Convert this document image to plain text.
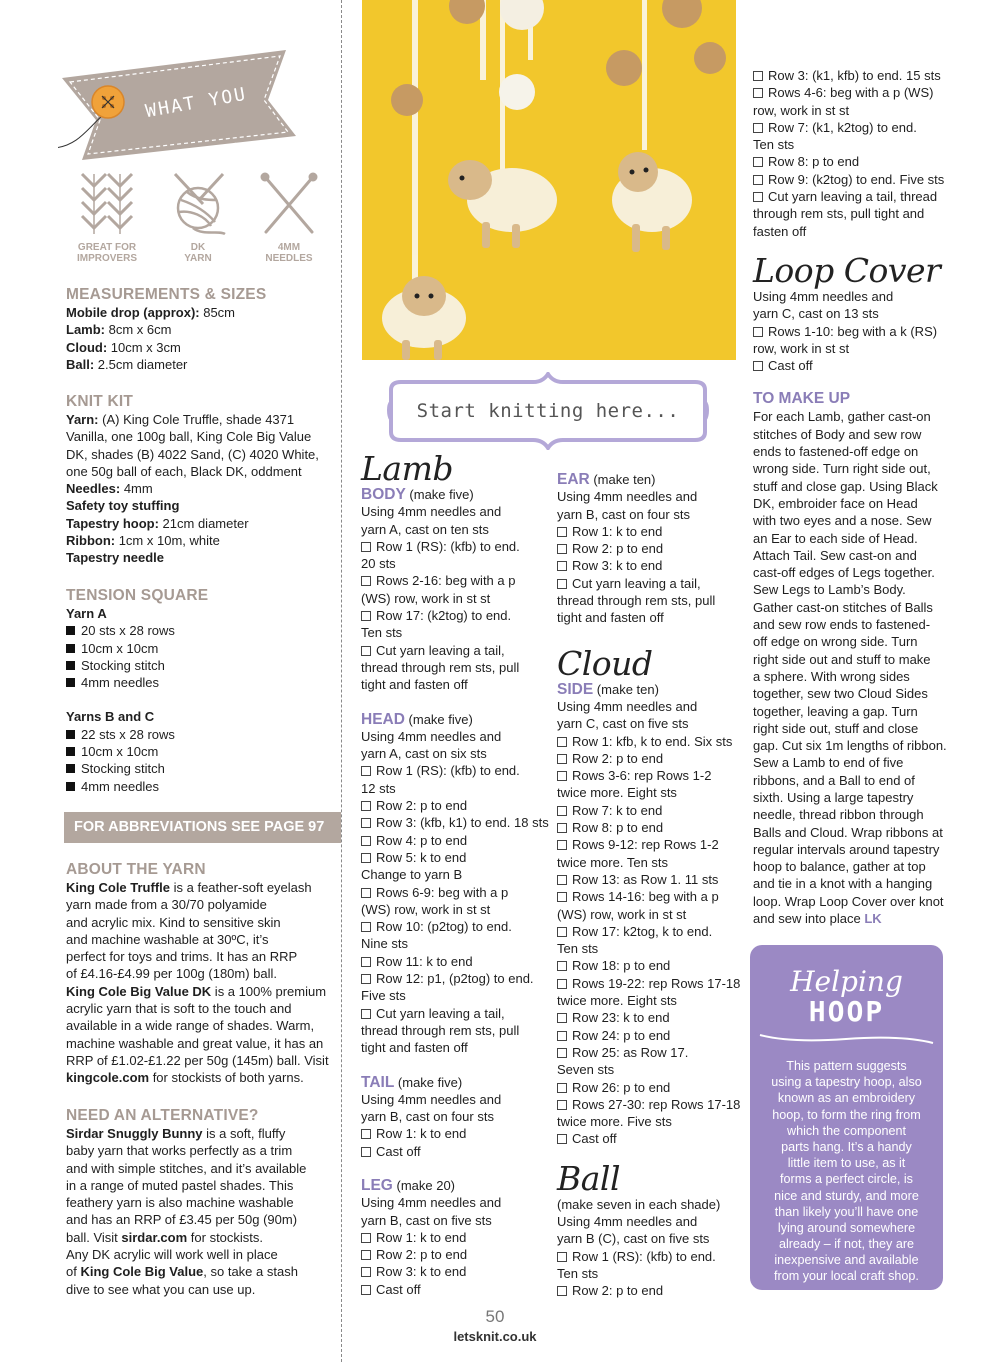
WHAT YOU

NEED TO

KNOW...

GREAT FOR
IMPROVERS
DK
YARN
4MM
NEEDLES
MEASUREMENTS & SIZES
Mobile drop (approx): 85cm
Lamb: 8cm x 6cm
Cloud: 10cm x 3cm
Ball: 2.5cm diameter
KNIT KIT
Yarn: (A) King Cole Truffle, shade 4371
Vanilla, one 100g ball, King Cole Big Value
DK, shades (B) 4022 Sand, (C) 4020 White,
one 50g ball of each, Black DK, oddment
Needles: 4mm
Safety toy stuffing
Tapestry hoop: 21cm diameter
Ribbon: 1cm x 10m, white
Tapestry needle
TENSION SQUARE
Yarn A
20 sts x 28 rows
10cm x 10cm
Stocking stitch
4mm needles
Yarns B and C
22 sts x 28 rows
10cm x 10cm
Stocking stitch
4mm needles
FOR ABBREVIATIONS SEE PAGE 97
ABOUT THE YARN
King Cole Truffle is a feather-soft eyelash
yarn made from a 30/70 polyamide
and acrylic mix. Kind to sensitive skin
and machine washable at 30ºC, it’s
perfect for toys and trims. It has an RRP
of £4.16-£4.99 per 100g (180m) ball.
King Cole Big Value DK is a 100% premium
acrylic yarn that is soft to the touch and
available in a wide range of shades. Warm,
machine washable and great value, it has an
RRP of £1.02-£1.22 per 50g (145m) ball. Visit
kingcole.com for stockists of both yarns.
NEED AN ALTERNATIVE?
Sirdar Snuggly Bunny is a soft, fluffy
baby yarn that works perfectly as a trim
and with simple stitches, and it’s available
in a range of muted pastel shades. This
feathery yarn is also machine washable
and has an RRP of £3.45 per 50g (90m)
ball. Visit sirdar.com for stockists.
Any DK acrylic will work well in place
of King Cole Big Value, so take a stash
dive to see what you can use up.
Start knitting here...
Lamb
BODY (make five)
Using 4mm needles and
yarn A, cast on ten sts
Row 1 (RS): (kfb) to end.
20 sts
Rows 2-16: beg with a p
(WS) row, work in st st
Row 17: (k2tog) to end.
Ten sts
Cut yarn leaving a tail,
thread through rem sts, pull
tight and fasten off
HEAD (make five)
Using 4mm needles and
yarn A, cast on six sts
Row 1 (RS): (kfb) to end.
12 sts
Row 2: p to end
Row 3: (kfb, k1) to end. 18 sts
Row 4: p to end
Row 5: k to end
Change to yarn B
Rows 6-9: beg with a p
(WS) row, work in st st
Row 10: (p2tog) to end.
Nine sts
Row 11: k to end
Row 12: p1, (p2tog) to end.
Five sts
Cut yarn leaving a tail,
thread through rem sts, pull
tight and fasten off
TAIL (make five)
Using 4mm needles and
yarn B, cast on four sts
Row 1: k to end
Cast off
LEG (make 20)
Using 4mm needles and
yarn B, cast on five sts
Row 1: k to end
Row 2: p to end
Row 3: k to end
Cast off
EAR (make ten)
Using 4mm needles and
yarn B, cast on four sts
Row 1: k to end
Row 2: p to end
Row 3: k to end
Cut yarn leaving a tail,
thread through rem sts, pull
tight and fasten off
Cloud
SIDE (make ten)
Using 4mm needles and
yarn C, cast on five sts
Row 1: kfb, k to end. Six sts
Row 2: p to end
Rows 3-6: rep Rows 1-2
twice more. Eight sts
Row 7: k to end
Row 8: p to end
Rows 9-12: rep Rows 1-2
twice more. Ten sts
Row 13: as Row 1. 11 sts
Rows 14-16: beg with a p
(WS) row, work in st st
Row 17: k2tog, k to end.
Ten sts
Row 18: p to end
Rows 19-22: rep Rows 17-18
twice more. Eight sts
Row 23: k to end
Row 24: p to end
Row 25: as Row 17.
Seven sts
Row 26: p to end
Rows 27-30: rep Rows 17-18
twice more. Five sts
Cast off
Ball
(make seven in each shade)
Using 4mm needles and
yarn B (C), cast on five sts
Row 1 (RS): (kfb) to end.
Ten sts
Row 2: p to end
Row 3: (k1, kfb) to end. 15 sts
Rows 4-6: beg with a p (WS)
row, work in st st
Row 7: (k1, k2tog) to end.
Ten sts
Row 8: p to end
Row 9: (k2tog) to end. Five sts
Cut yarn leaving a tail, thread
through rem sts, pull tight and
fasten off
Loop Cover
Using 4mm needles and
yarn C, cast on 13 sts
Rows 1-10: beg with a k (RS)
row, work in st st
Cast off
TO MAKE UP
For each Lamb, gather cast-on
stitches of Body and sew row
ends to fastened-off edge on
wrong side. Turn right side out,
stuff and close gap. Using Black
DK, embroider face on Head
with two eyes and a nose. Sew
an Ear to each side of Head.
Attach Tail. Sew cast-on and
cast-off edges of Legs together.
Sew Legs to Lamb’s Body.
Gather cast-on stitches of Balls
and sew row ends to fastened-
off edge on wrong side. Turn
right side out and stuff to make
a sphere. With wrong sides
together, sew two Cloud Sides
together, leaving a gap. Turn
right side out, stuff and close
gap. Cut six 1m lengths of ribbon.
Sew a Lamb to end of five
ribbons, and a Ball to end of
sixth. Using a large tapestry
needle, thread ribbon through
Balls and Cloud. Wrap ribbons at
regular intervals around tapestry
hoop to balance, gather at top
and tie in a knot with a hanging
loop. Wrap Loop Cover over knot
and sew into place LK
Helping
HOOP
This pattern suggests
using a tapestry hoop, also
known as an embroidery
hoop, to form the ring from
which the component
parts hang. It’s a handy
little item to use, as it
forms a perfect circle, is
nice and sturdy, and more
than likely you’ll have one
lying around somewhere
already – if not, they are
inexpensive and available
from your local craft shop.
50
letsknit.co.uk
